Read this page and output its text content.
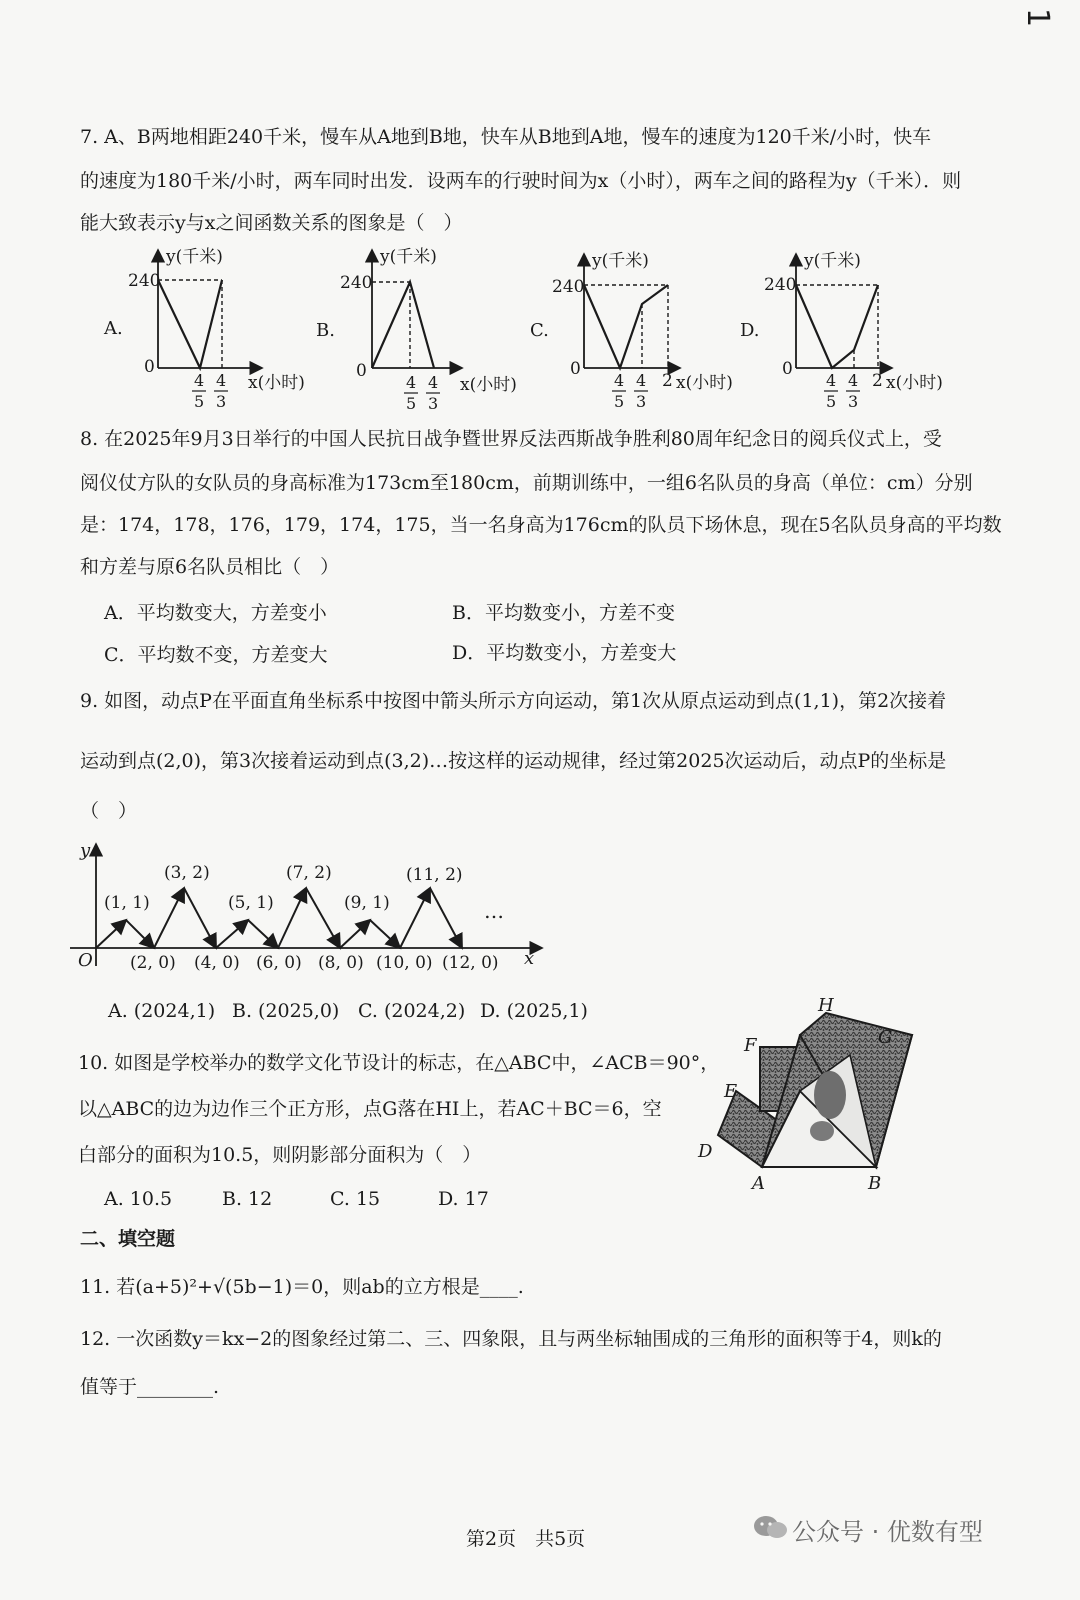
1
7. A、B两地相距240千米，慢车从A地到B地，快车从B地到A地，慢车的速度为120千米/小时，快车
的速度为180千米/小时，两车同时出发．设两车的行驶时间为x（小时），两车之间的路程为y（千米）．则
能大致表示y与x之间函数关系的图象是（　）
A.
y(千米)
240
0
4
5
4
3
x(小时)
B.
y(千米)
240
0
4
5
4
3
x(小时)
C.
y(千米)
240
0
4
5
4
3
2 x(小时)
D.
y(千米)
240
0
4
5
4
3
2 x(小时)
8. 在2025年9月3日举行的中国人民抗日战争暨世界反法西斯战争胜利80周年纪念日的阅兵仪式上，受
阅仪仗方队的女队员的身高标准为173cm至180cm，前期训练中，一组6名队员的身高（单位：cm）分别
是：174，178，176，179，174，175，当一名身高为176cm的队员下场休息，现在5名队员身高的平均数
和方差与原6名队员相比（　）
A．平均数变大，方差变小	B．平均数变小，方差不变
C．平均数不变，方差变大	D．平均数变小，方差变大
9. 如图，动点P在平面直角坐标系中按图中箭头所示方向运动，第1次从原点运动到点(1,1)，第2次接着
运动到点(2,0)，第3次接着运动到点(3,2)…按这样的运动规律，经过第2025次运动后，动点P的坐标是
（　）
y
x
O
(1, 1)
(3, 2)
(5, 1)
(7, 2)
(9, 1)
(11, 2)
(2, 0) (4, 0) (6, 0) (8, 0) (10, 0) (12, 0)
…
A. (2024,1) B. (2025,0) C. (2024,2) D. (2025,1)
10. 如图是学校举办的数学文化节设计的标志，在△ABC中，∠ACB＝90°，
以△ABC的边为边作三个正方形，点G落在HI上，若AC＋BC＝6，空
白部分的面积为10.5，则阴影部分面积为（　）
A. 10.5	B. 12	C. 15	D. 17
H
G
F
E
D
A	B
二、填空题
11. 若(a+5)²+√(5b−1)＝0，则ab的立方根是____.
12. 一次函数y＝kx−2的图象经过第二、三、四象限，且与两坐标轴围成的三角形的面积等于4，则k的
值等于________.
第2页　共5页	公众号 · 优数有型
